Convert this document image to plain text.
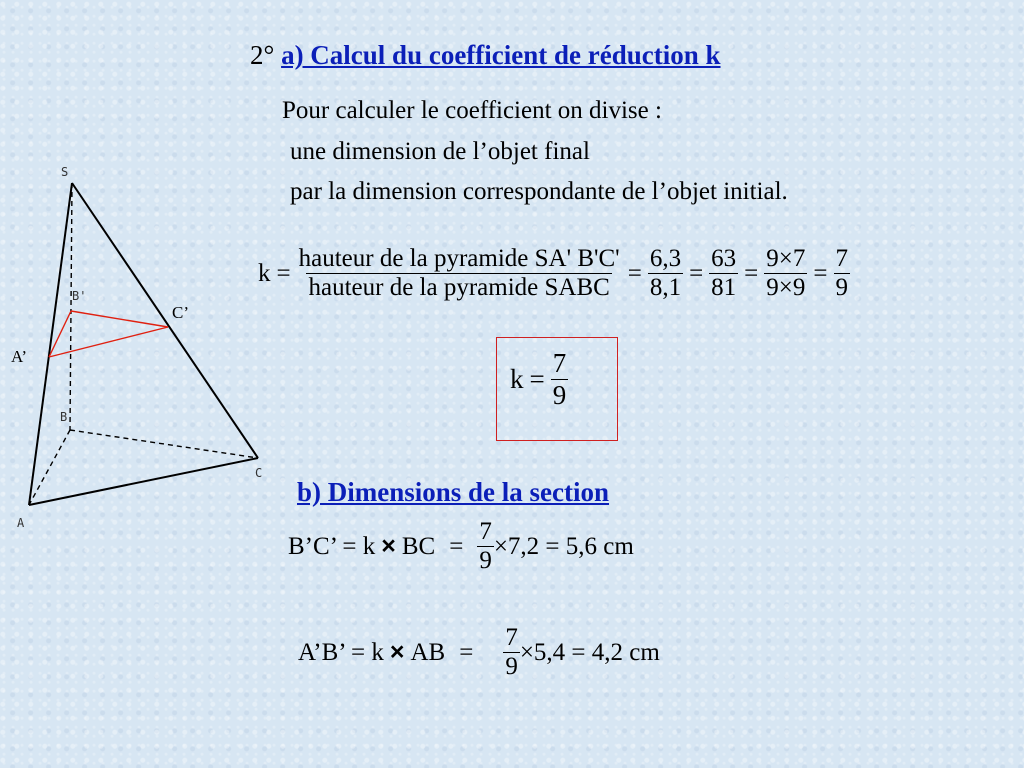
2° a) Calcul du coefficient de réduction k
Pour calculer le coefficient on divise :
une dimension de l’objet final
par la dimension correspondante de l’objet initial.
$k = \frac{\text{hauteur de la pyramide SA' B'C'}}{\text{hauteur de la pyramide SABC}} = \frac{6,3}{8,1} = \frac{63}{81} = \frac{9\times 7}{9\times 9} = \frac{7}{9}$
$k = \frac{7}{9}$
b) Dimensions de la section
B’C’ = k × BC = $\frac{7}{9} \times 7,2 = 5,6$ cm
A’B’ = k × AB =	$\frac{7}{9} \times 5,4 = 4,2$ cm
S
B'
C’
A’
B
C
A
